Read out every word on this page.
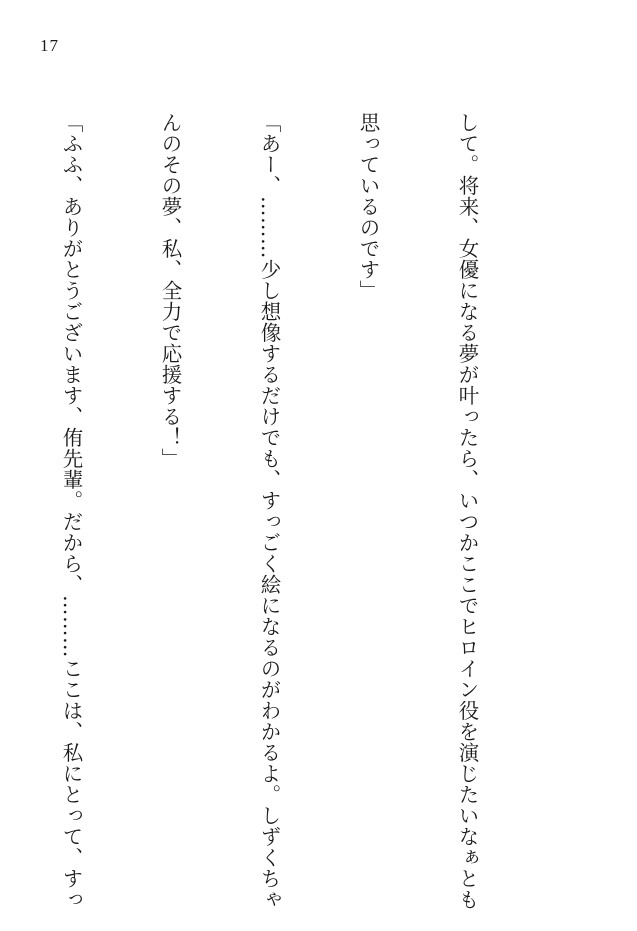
17

して。将来、女優になる夢が叶ったら、いつかここでヒロイン役を演じたいなぁとも

思っているのです」

「あー、………少し想像するだけでも、すっごく絵になるのがわかるよ。しずくちゃ

んのその夢、私、全力で応援する！」

「ふふ、ありがとうございます、侑先輩。だから、………ここは、私にとって、すっ
